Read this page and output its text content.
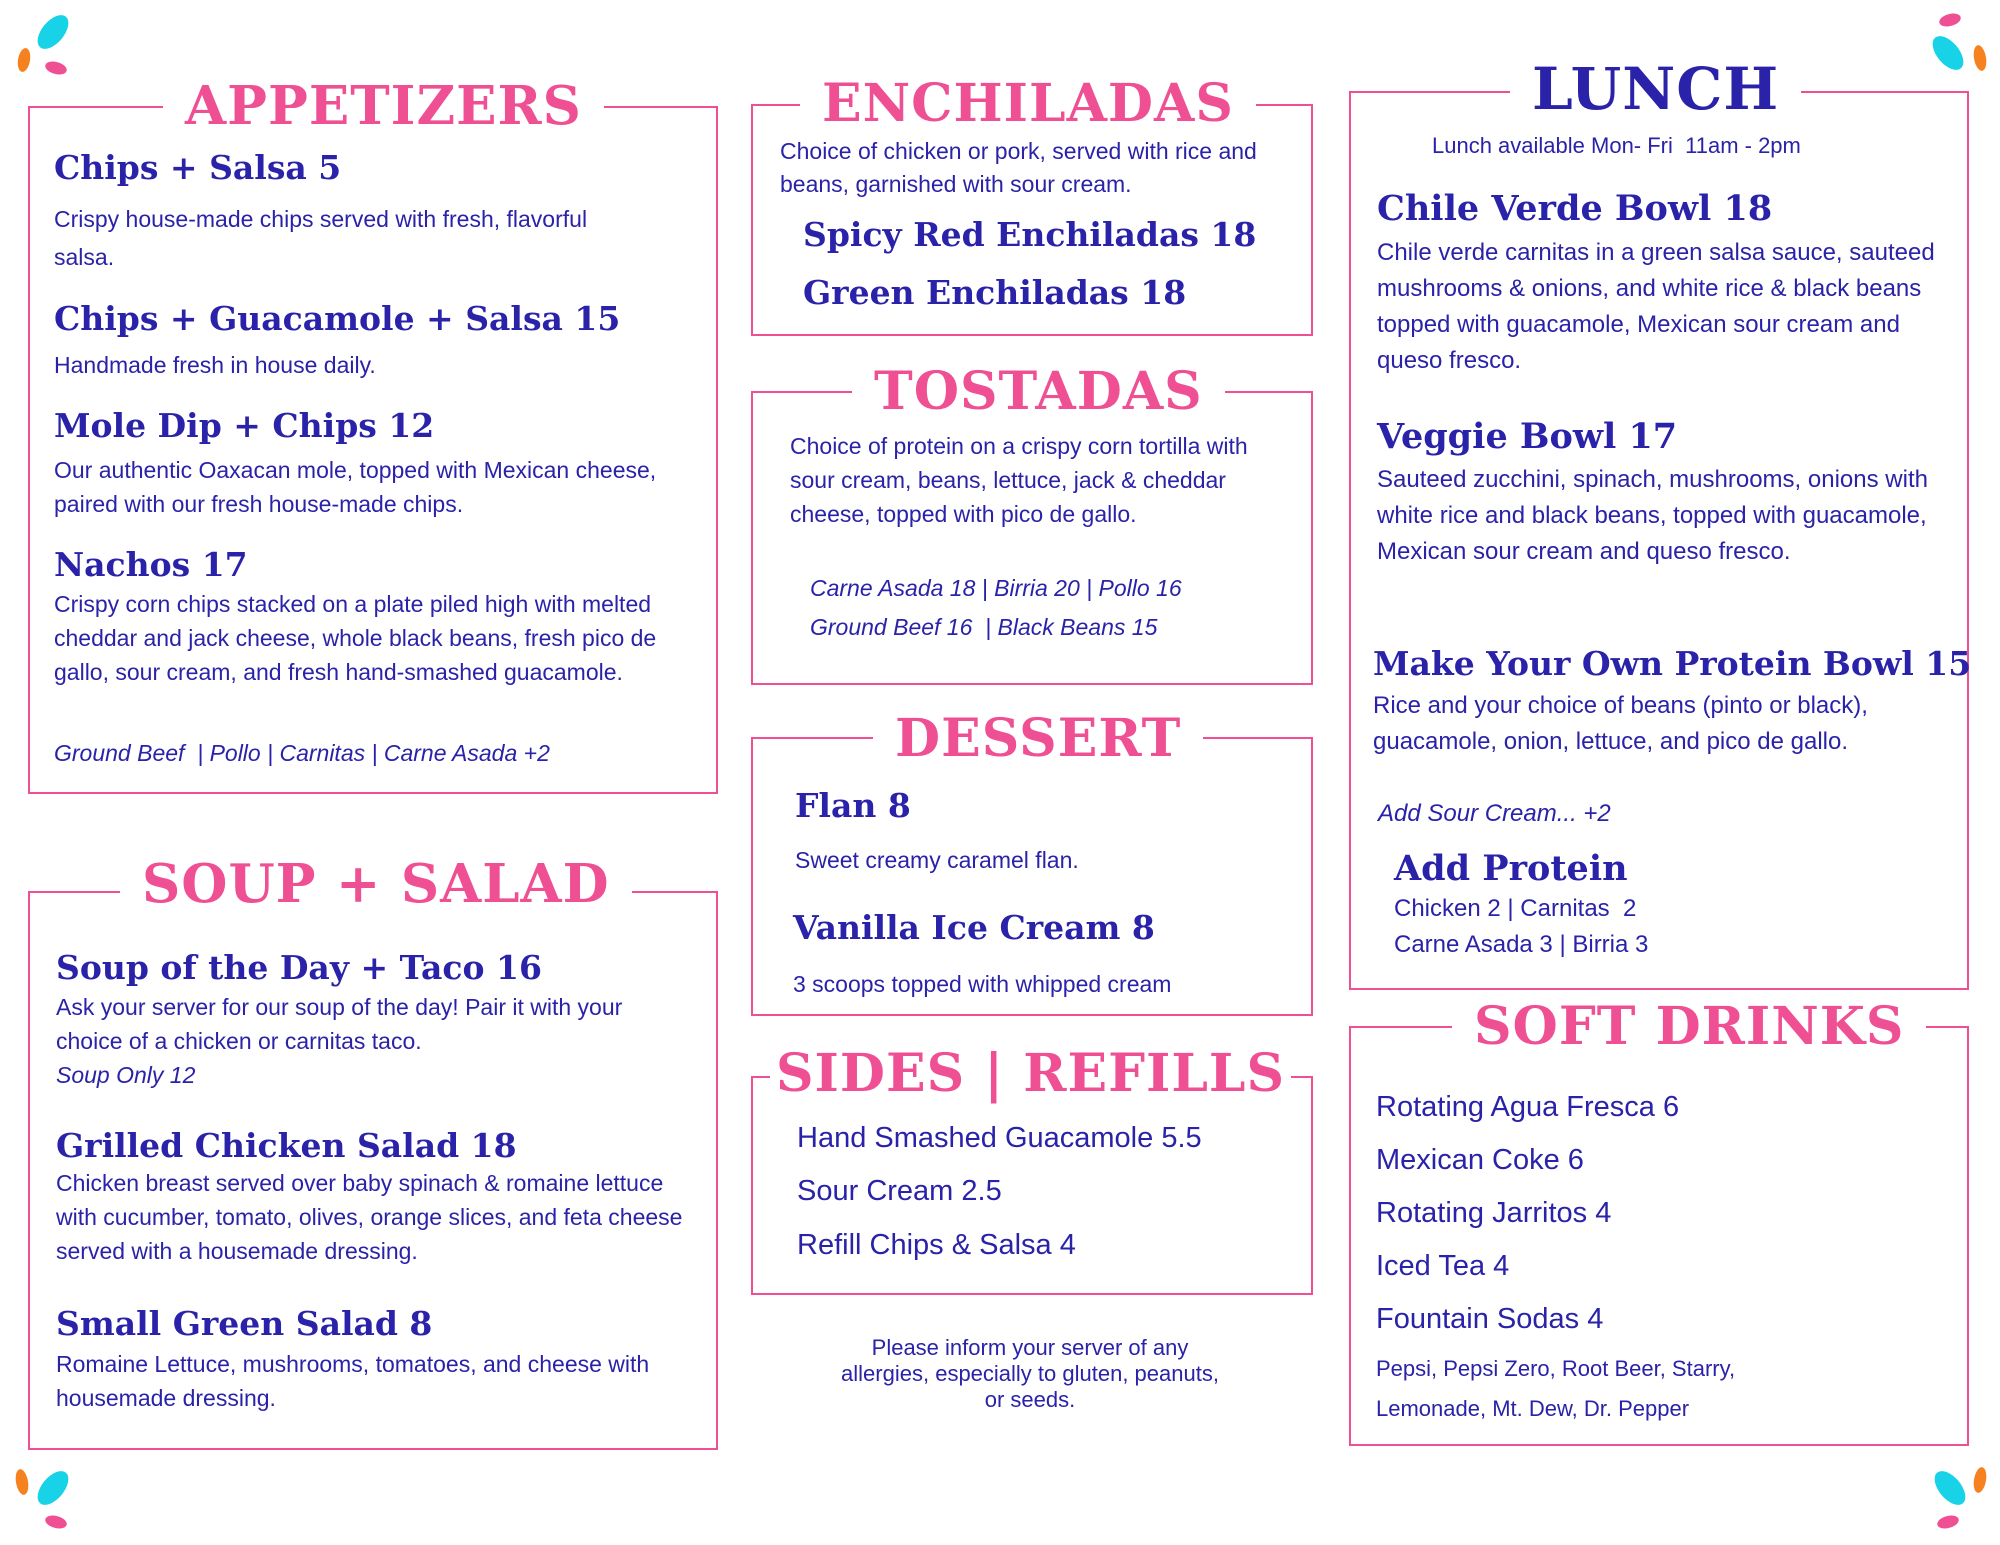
APPETIZERS
Chips + Salsa 5
Crispy house-made chips served with fresh, flavorful salsa.
Chips + Guacamole + Salsa 15
Handmade fresh in house daily.
Mole Dip + Chips 12
Our authentic Oaxacan mole, topped with Mexican cheese, paired with our fresh house-made chips.
Nachos 17
Crispy corn chips stacked on a plate piled high with melted cheddar and jack cheese, whole black beans, fresh pico de gallo, sour cream, and fresh hand-smashed guacamole.
Ground Beef  | Pollo | Carnitas | Carne Asada +2
SOUP + SALAD
Soup of the Day + Taco 16
Ask your server for our soup of the day! Pair it with your choice of a chicken or carnitas taco.
Soup Only 12
Grilled Chicken Salad 18
Chicken breast served over baby spinach & romaine lettuce with cucumber, tomato, olives, orange slices, and feta cheese served with a housemade dressing.
Small Green Salad 8
Romaine Lettuce, mushrooms, tomatoes, and cheese with housemade dressing.
ENCHILADAS
Choice of chicken or pork, served with rice and beans, garnished with sour cream.
Spicy Red Enchiladas 18
Green Enchiladas 18
TOSTADAS
Choice of protein on a crispy corn tortilla with sour cream, beans, lettuce, jack & cheddar cheese, topped with pico de gallo.
Carne Asada 18 | Birria 20 | Pollo 16
Ground Beef 16  | Black Beans 15
DESSERT
Flan 8
Sweet creamy caramel flan.
Vanilla Ice Cream 8
3 scoops topped with whipped cream
SIDES | REFILLS
Hand Smashed Guacamole 5.5
Sour Cream 2.5
Refill Chips & Salsa 4
Please inform your server of any allergies, especially to gluten, peanuts, or seeds.
LUNCH
Lunch available Mon- Fri  11am - 2pm
Chile Verde Bowl 18
Chile verde carnitas in a green salsa sauce, sauteed mushrooms & onions, and white rice & black beans topped with guacamole, Mexican sour cream and queso fresco.
Veggie Bowl 17
Sauteed zucchini, spinach, mushrooms, onions with white rice and black beans, topped with guacamole, Mexican sour cream and queso fresco.
Make Your Own Protein Bowl 15
Rice and your choice of beans (pinto or black), guacamole, onion, lettuce, and pico de gallo.
Add Sour Cream... +2
Add Protein
Chicken 2 | Carnitas  2
Carne Asada 3 | Birria 3
SOFT DRINKS
Rotating Agua Fresca 6
Mexican Coke 6
Rotating Jarritos 4
Iced Tea 4
Fountain Sodas 4
Pepsi, Pepsi Zero, Root Beer, Starry, Lemonade, Mt. Dew, Dr. Pepper
